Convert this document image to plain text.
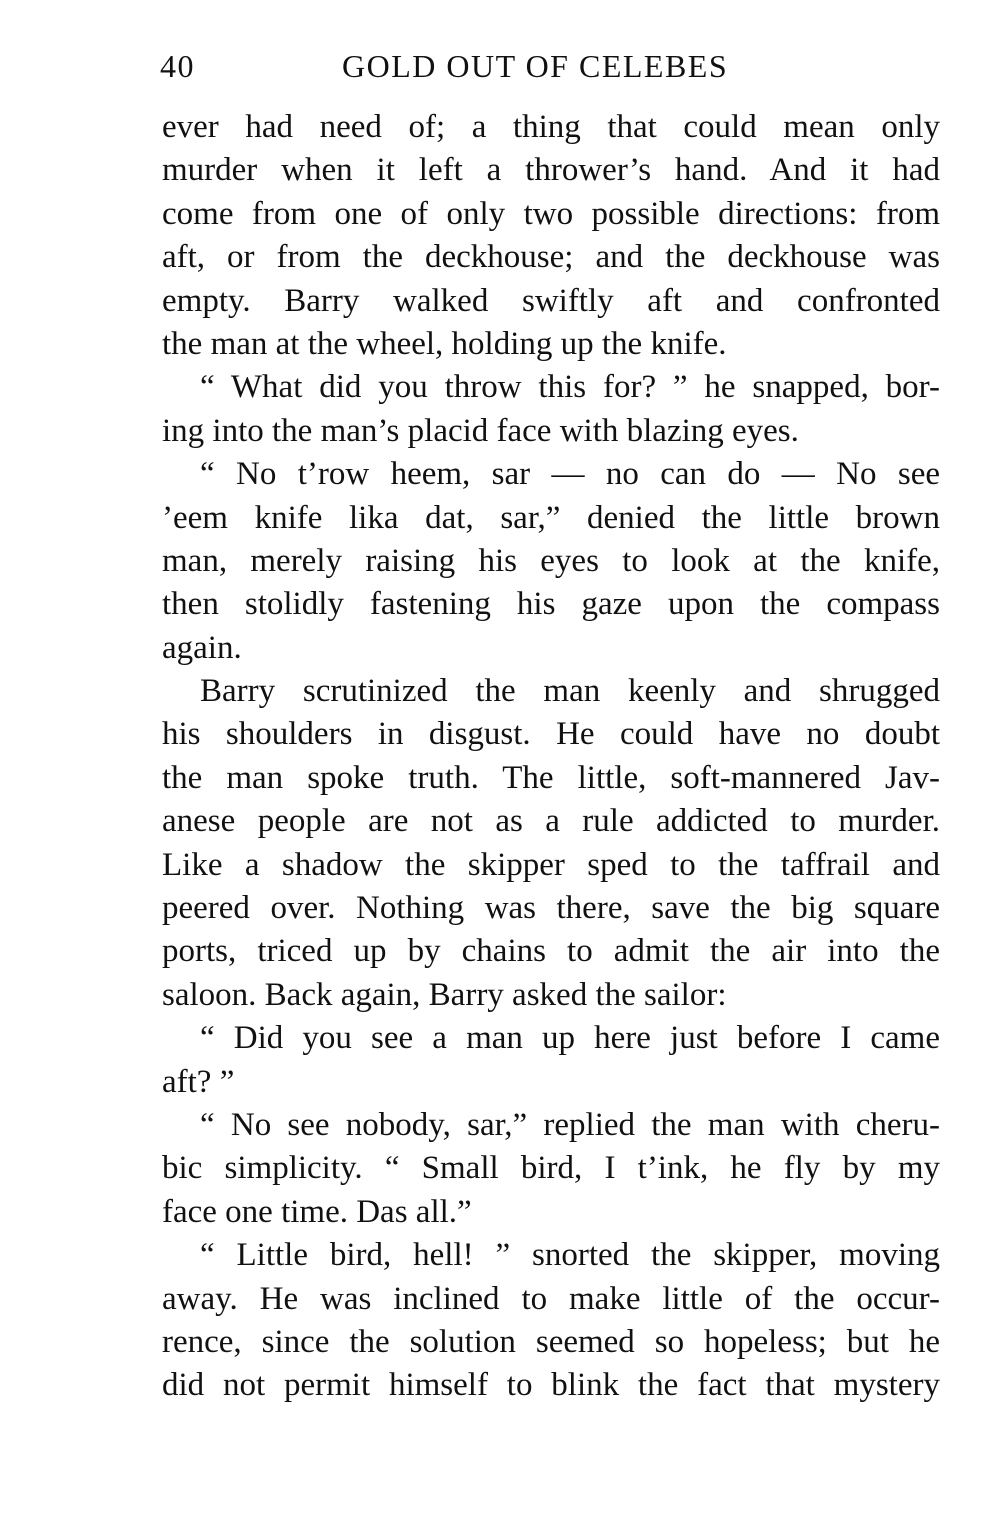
40	GOLD OUT OF CELEBES
ever had need of; a thing that could mean only
murder when it left a thrower’s hand. And it had
come from one of only two possible directions: from
aft, or from the deckhouse; and the deckhouse was
empty. Barry walked swiftly aft and confronted
the man at the wheel, holding up the knife.
“ What did you throw this for? ” he snapped, bor-
ing into the man’s placid face with blazing eyes.
“ No t’row heem, sar — no can do — No see
’eem knife lika dat, sar,” denied the little brown
man, merely raising his eyes to look at the knife,
then stolidly fastening his gaze upon the compass
again.
Barry scrutinized the man keenly and shrugged
his shoulders in disgust. He could have no doubt
the man spoke truth. The little, soft-mannered Jav-
anese people are not as a rule addicted to murder.
Like a shadow the skipper sped to the taffrail and
peered over. Nothing was there, save the big square
ports, triced up by chains to admit the air into the
saloon. Back again, Barry asked the sailor:
“ Did you see a man up here just before I came
aft? ”
“ No see nobody, sar,” replied the man with cheru-
bic simplicity. “ Small bird, I t’ink, he fly by my
face one time. Das all.”
“ Little bird, hell! ” snorted the skipper, moving
away. He was inclined to make little of the occur-
rence, since the solution seemed so hopeless; but he
did not permit himself to blink the fact that mystery
